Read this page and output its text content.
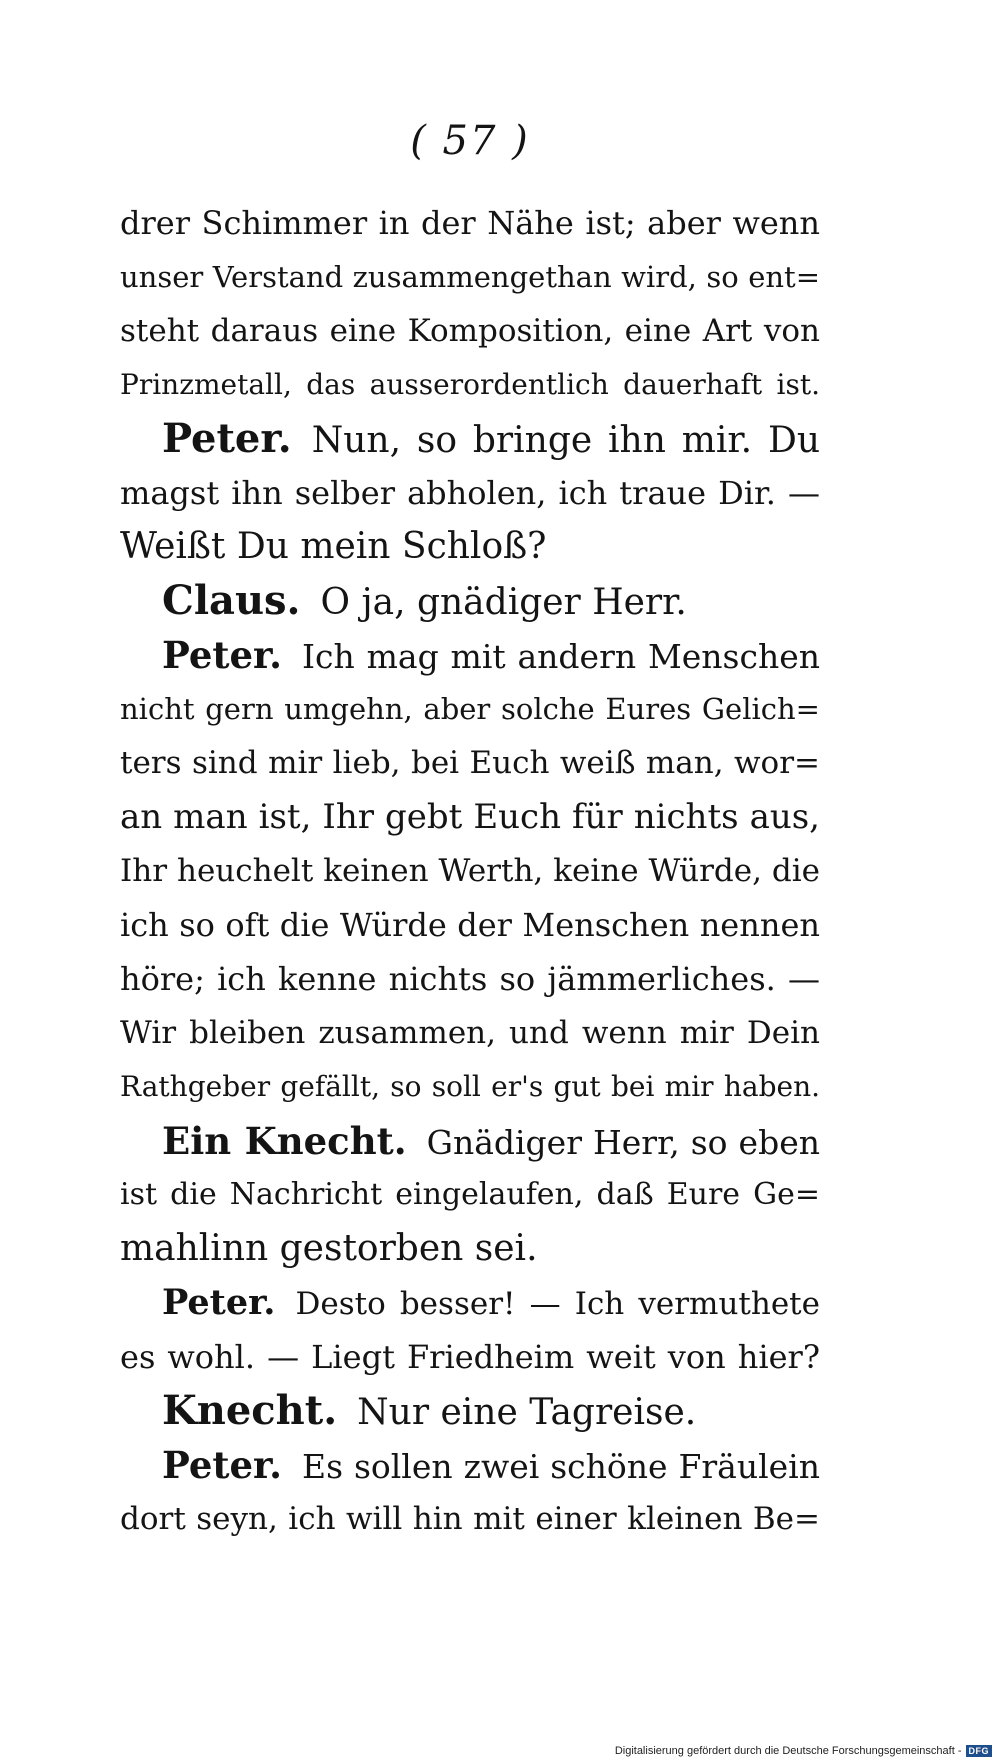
( 57 )
drer Schimmer in der Nähe ist; aber wenn
unser Verstand zusammengethan wird, so ent=
steht daraus eine Komposition, eine Art von
Prinzmetall, das ausserordentlich dauerhaft ist.
Peter. Nun, so bringe ihn mir. Du
magst ihn selber abholen, ich traue Dir. —
Weißt Du mein Schloß?
Claus. O ja, gnädiger Herr.
Peter. Ich mag mit andern Menschen
nicht gern umgehn, aber solche Eures Gelich=
ters sind mir lieb, bei Euch weiß man, wor=
an man ist, Ihr gebt Euch für nichts aus,
Ihr heuchelt keinen Werth, keine Würde, die
ich so oft die Würde der Menschen nennen
höre; ich kenne nichts so jämmerliches. —
Wir bleiben zusammen, und wenn mir Dein
Rathgeber gefällt, so soll er's gut bei mir haben.
Ein Knecht. Gnädiger Herr, so eben
ist die Nachricht eingelaufen, daß Eure Ge=
mahlinn gestorben sei.
Peter. Desto besser! — Ich vermuthete
es wohl. — Liegt Friedheim weit von hier?
Knecht. Nur eine Tagreise.
Peter. Es sollen zwei schöne Fräulein
dort seyn, ich will hin mit einer kleinen Be=
Digitalisierung gefördert durch die Deutsche Forschungsgemeinschaft - DFG
